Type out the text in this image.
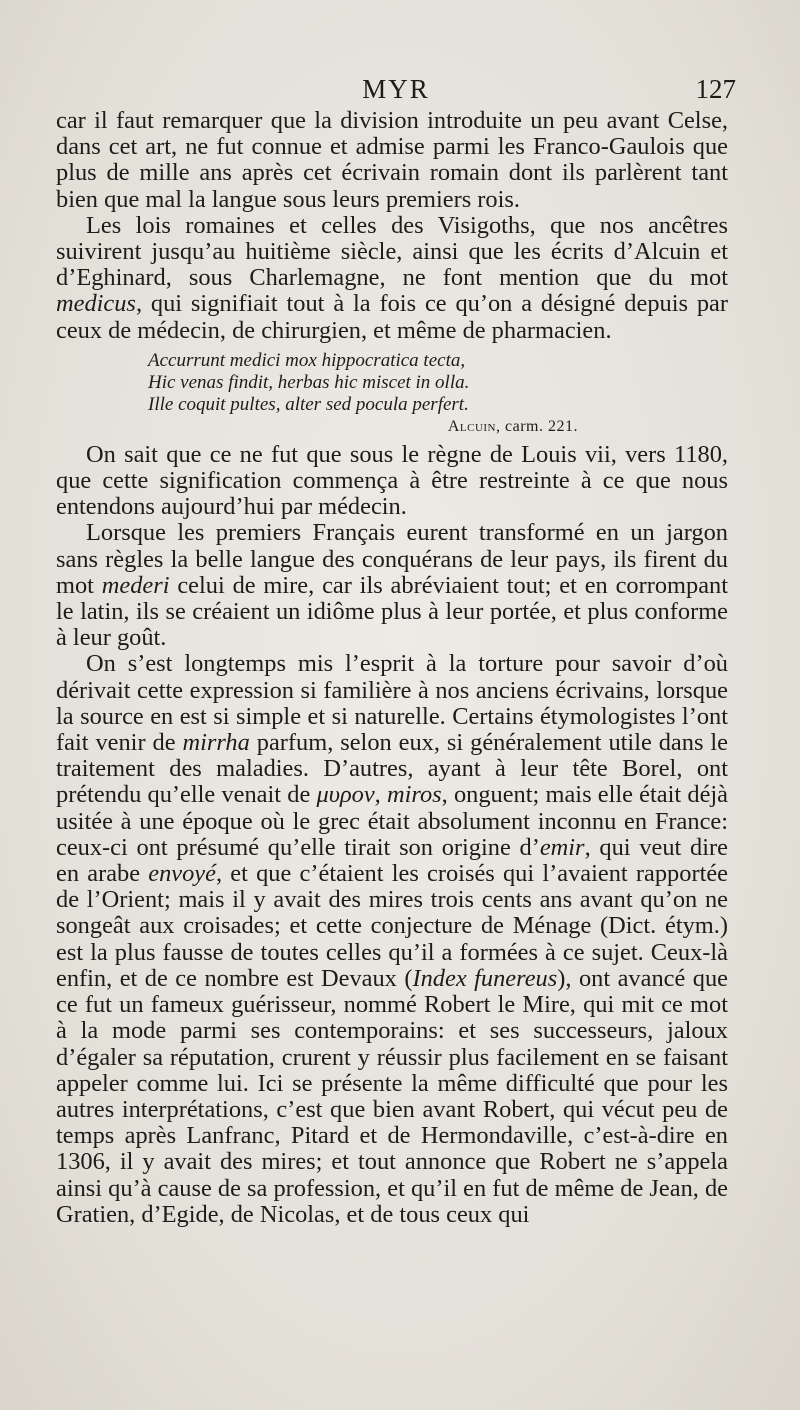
MYR	127

car il faut remarquer que la division introduite un peu avant Celse, dans cet art, ne fut connue et admise parmi les Franco-Gaulois que plus de mille ans après cet écrivain romain dont ils parlèrent tant bien que mal la langue sous leurs premiers rois.

Les lois romaines et celles des Visigoths, que nos ancêtres suivirent jusqu’au huitième siècle, ainsi que les écrits d’Alcuin et d’Eghinard, sous Charlemagne, ne font mention que du mot medicus, qui signifiait tout à la fois ce qu’on a désigné depuis par ceux de médecin, de chirurgien, et même de pharmacien.

Accurrunt medici mox hippocratica tecta,
Hic venas findit, herbas hic miscet in olla.
Ille coquit pultes, alter sed pocula perfert.
Alcuin, carm. 221.

On sait que ce ne fut que sous le règne de Louis vii, vers 1180, que cette signification commença à être restreinte à ce que nous entendons aujourd’hui par médecin.

Lorsque les premiers Français eurent transformé en un jargon sans règles la belle langue des conquérans de leur pays, ils firent du mot mederi celui de mire, car ils abréviaient tout; et en corrompant le latin, ils se créaient un idiôme plus à leur portée, et plus conforme à leur goût.

On s’est longtemps mis l’esprit à la torture pour savoir d’où dérivait cette expression si familière à nos anciens écrivains, lorsque la source en est si simple et si naturelle. Certains étymologistes l’ont fait venir de mirrha parfum, selon eux, si généralement utile dans le traitement des maladies. D’autres, ayant à leur tête Borel, ont prétendu qu’elle venait de μυρον, miros, onguent; mais elle était déjà usitée à une époque où le grec était absolument inconnu en France: ceux-ci ont présumé qu’elle tirait son origine d’emir, qui veut dire en arabe envoyé, et que c’étaient les croisés qui l’avaient rapportée de l’Orient; mais il y avait des mires trois cents ans avant qu’on ne songeât aux croisades; et cette conjecture de Ménage (Dict. étym.) est la plus fausse de toutes celles qu’il a formées à ce sujet. Ceux-là enfin, et de ce nombre est Devaux (Index funereus), ont avancé que ce fut un fameux guérisseur, nommé Robert le Mire, qui mit ce mot à la mode parmi ses contemporains: et ses successeurs, jaloux d’égaler sa réputation, crurent y réussir plus facilement en se faisant appeler comme lui. Ici se présente la même difficulté que pour les autres interprétations, c’est que bien avant Robert, qui vécut peu de temps après Lanfranc, Pitard et de Hermondaville, c’est-à-dire en 1306, il y avait des mires; et tout annonce que Robert ne s’appela ainsi qu’à cause de sa profession, et qu’il en fut de même de Jean, de Gratien, d’Egide, de Nicolas, et de tous ceux qui
